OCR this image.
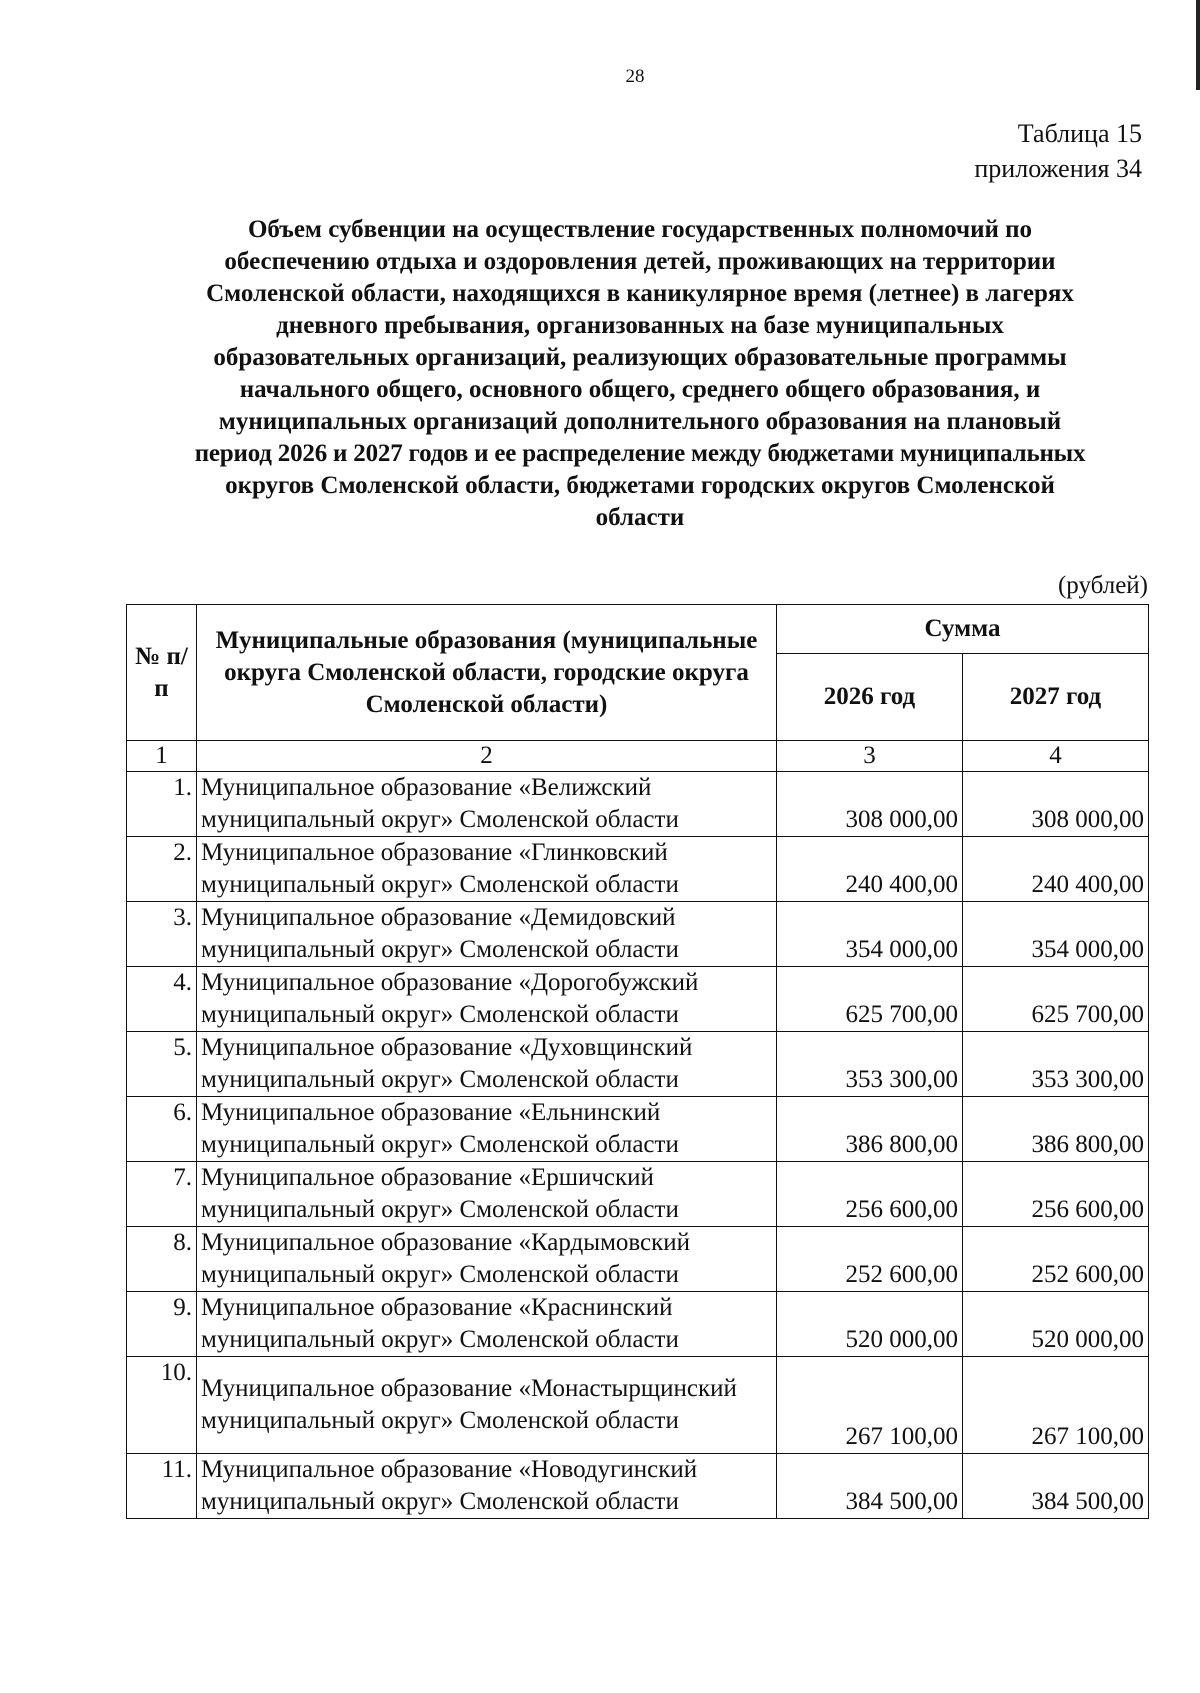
28
Таблица 15
приложения 34
Объем субвенции на осуществление государственных полномочий по
обеспечению отдыха и оздоровления детей, проживающих на территории
Смоленской области, находящихся в каникулярное время (летнее) в лагерях
дневного пребывания, организованных на базе муниципальных
образовательных организаций, реализующих образовательные программы
начального общего, основного общего, среднего общего образования, и
муниципальных организаций дополнительного образования на плановый
период 2026 и 2027 годов и ее распределение между бюджетами муниципальных
округов Смоленской области, бюджетами городских округов Смоленской
области
(рублей)
№ п/п	Муниципальные образования (муниципальные округа Смоленской области, городские округа Смоленской области)	Сумма	
		2026 год	2027 год
1	2	3	4
1.	Муниципальное образование «Велижский муниципальный округ» Смоленской области	308 000,00	308 000,00
2.	Муниципальное образование «Глинковский муниципальный округ» Смоленской области	240 400,00	240 400,00
3.	Муниципальное образование «Демидовский муниципальный округ» Смоленской области	354 000,00	354 000,00
4.	Муниципальное образование «Дорогобужский муниципальный округ» Смоленской области	625 700,00	625 700,00
5.	Муниципальное образование «Духовщинский муниципальный округ» Смоленской области	353 300,00	353 300,00
6.	Муниципальное образование «Ельнинский муниципальный округ» Смоленской области	386 800,00	386 800,00
7.	Муниципальное образование «Ершичский муниципальный округ» Смоленской области	256 600,00	256 600,00
8.	Муниципальное образование «Кардымовский муниципальный округ» Смоленской области	252 600,00	252 600,00
9.	Муниципальное образование «Краснинский муниципальный округ» Смоленской области	520 000,00	520 000,00
10.	Муниципальное образование «Монастырщинский муниципальный округ» Смоленской области	267 100,00	267 100,00
11.	Муниципальное образование «Новодугинский муниципальный округ» Смоленской области	384 500,00	384 500,00
